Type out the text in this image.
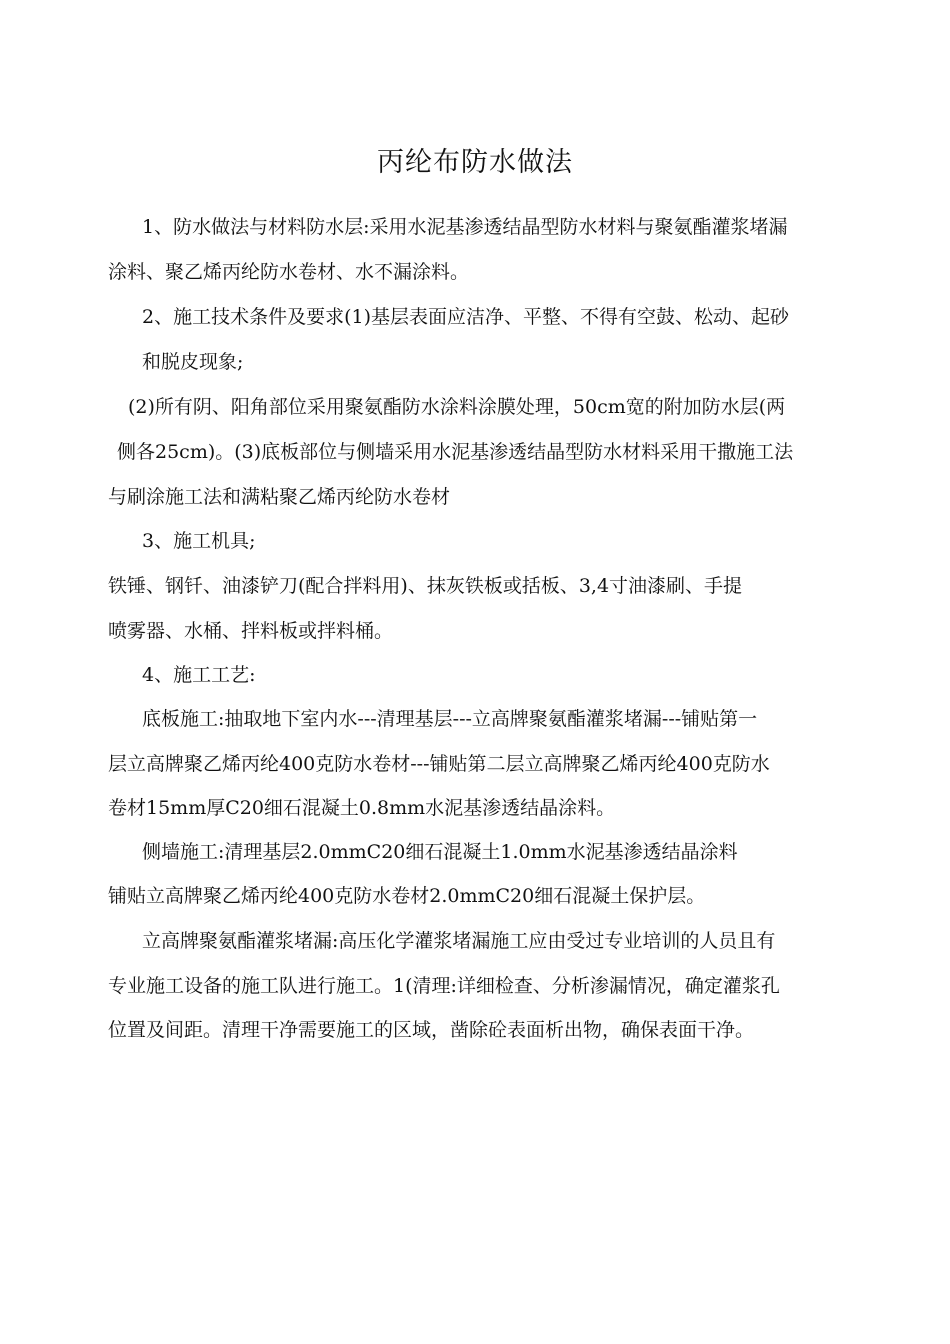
丙纶布防水做法
1、防水做法与材料防水层:采用水泥基渗透结晶型防水材料与聚氨酯灌浆堵漏
涂料、聚乙烯丙纶防水卷材、水不漏涂料。
2、施工技术条件及要求(1)基层表面应洁净、平整、不得有空鼓、松动、起砂
和脱皮现象;
(2)所有阴、阳角部位采用聚氨酯防水涂料涂膜处理，50cm宽的附加防水层(两
侧各25cm)。(3)底板部位与侧墙采用水泥基渗透结晶型防水材料采用干撒施工法
与刷涂施工法和满粘聚乙烯丙纶防水卷材
3、施工机具;
铁锤、钢钎、油漆铲刀(配合拌料用)、抹灰铁板或括板、3,4寸油漆刷、手提
喷雾器、水桶、拌料板或拌料桶。
4、施工工艺:
底板施工:抽取地下室内水---清理基层---立高牌聚氨酯灌浆堵漏---铺贴第一
层立高牌聚乙烯丙纶400克防水卷材---铺贴第二层立高牌聚乙烯丙纶400克防水
卷材15mm厚C20细石混凝土0.8mm水泥基渗透结晶涂料。
侧墙施工:清理基层2.0mmC20细石混凝土1.0mm水泥基渗透结晶涂料
铺贴立高牌聚乙烯丙纶400克防水卷材2.0mmC20细石混凝土保护层。
立高牌聚氨酯灌浆堵漏:高压化学灌浆堵漏施工应由受过专业培训的人员且有
专业施工设备的施工队进行施工。1(清理:详细检查、分析渗漏情况，确定灌浆孔
位置及间距。清理干净需要施工的区域，凿除砼表面析出物，确保表面干净。
